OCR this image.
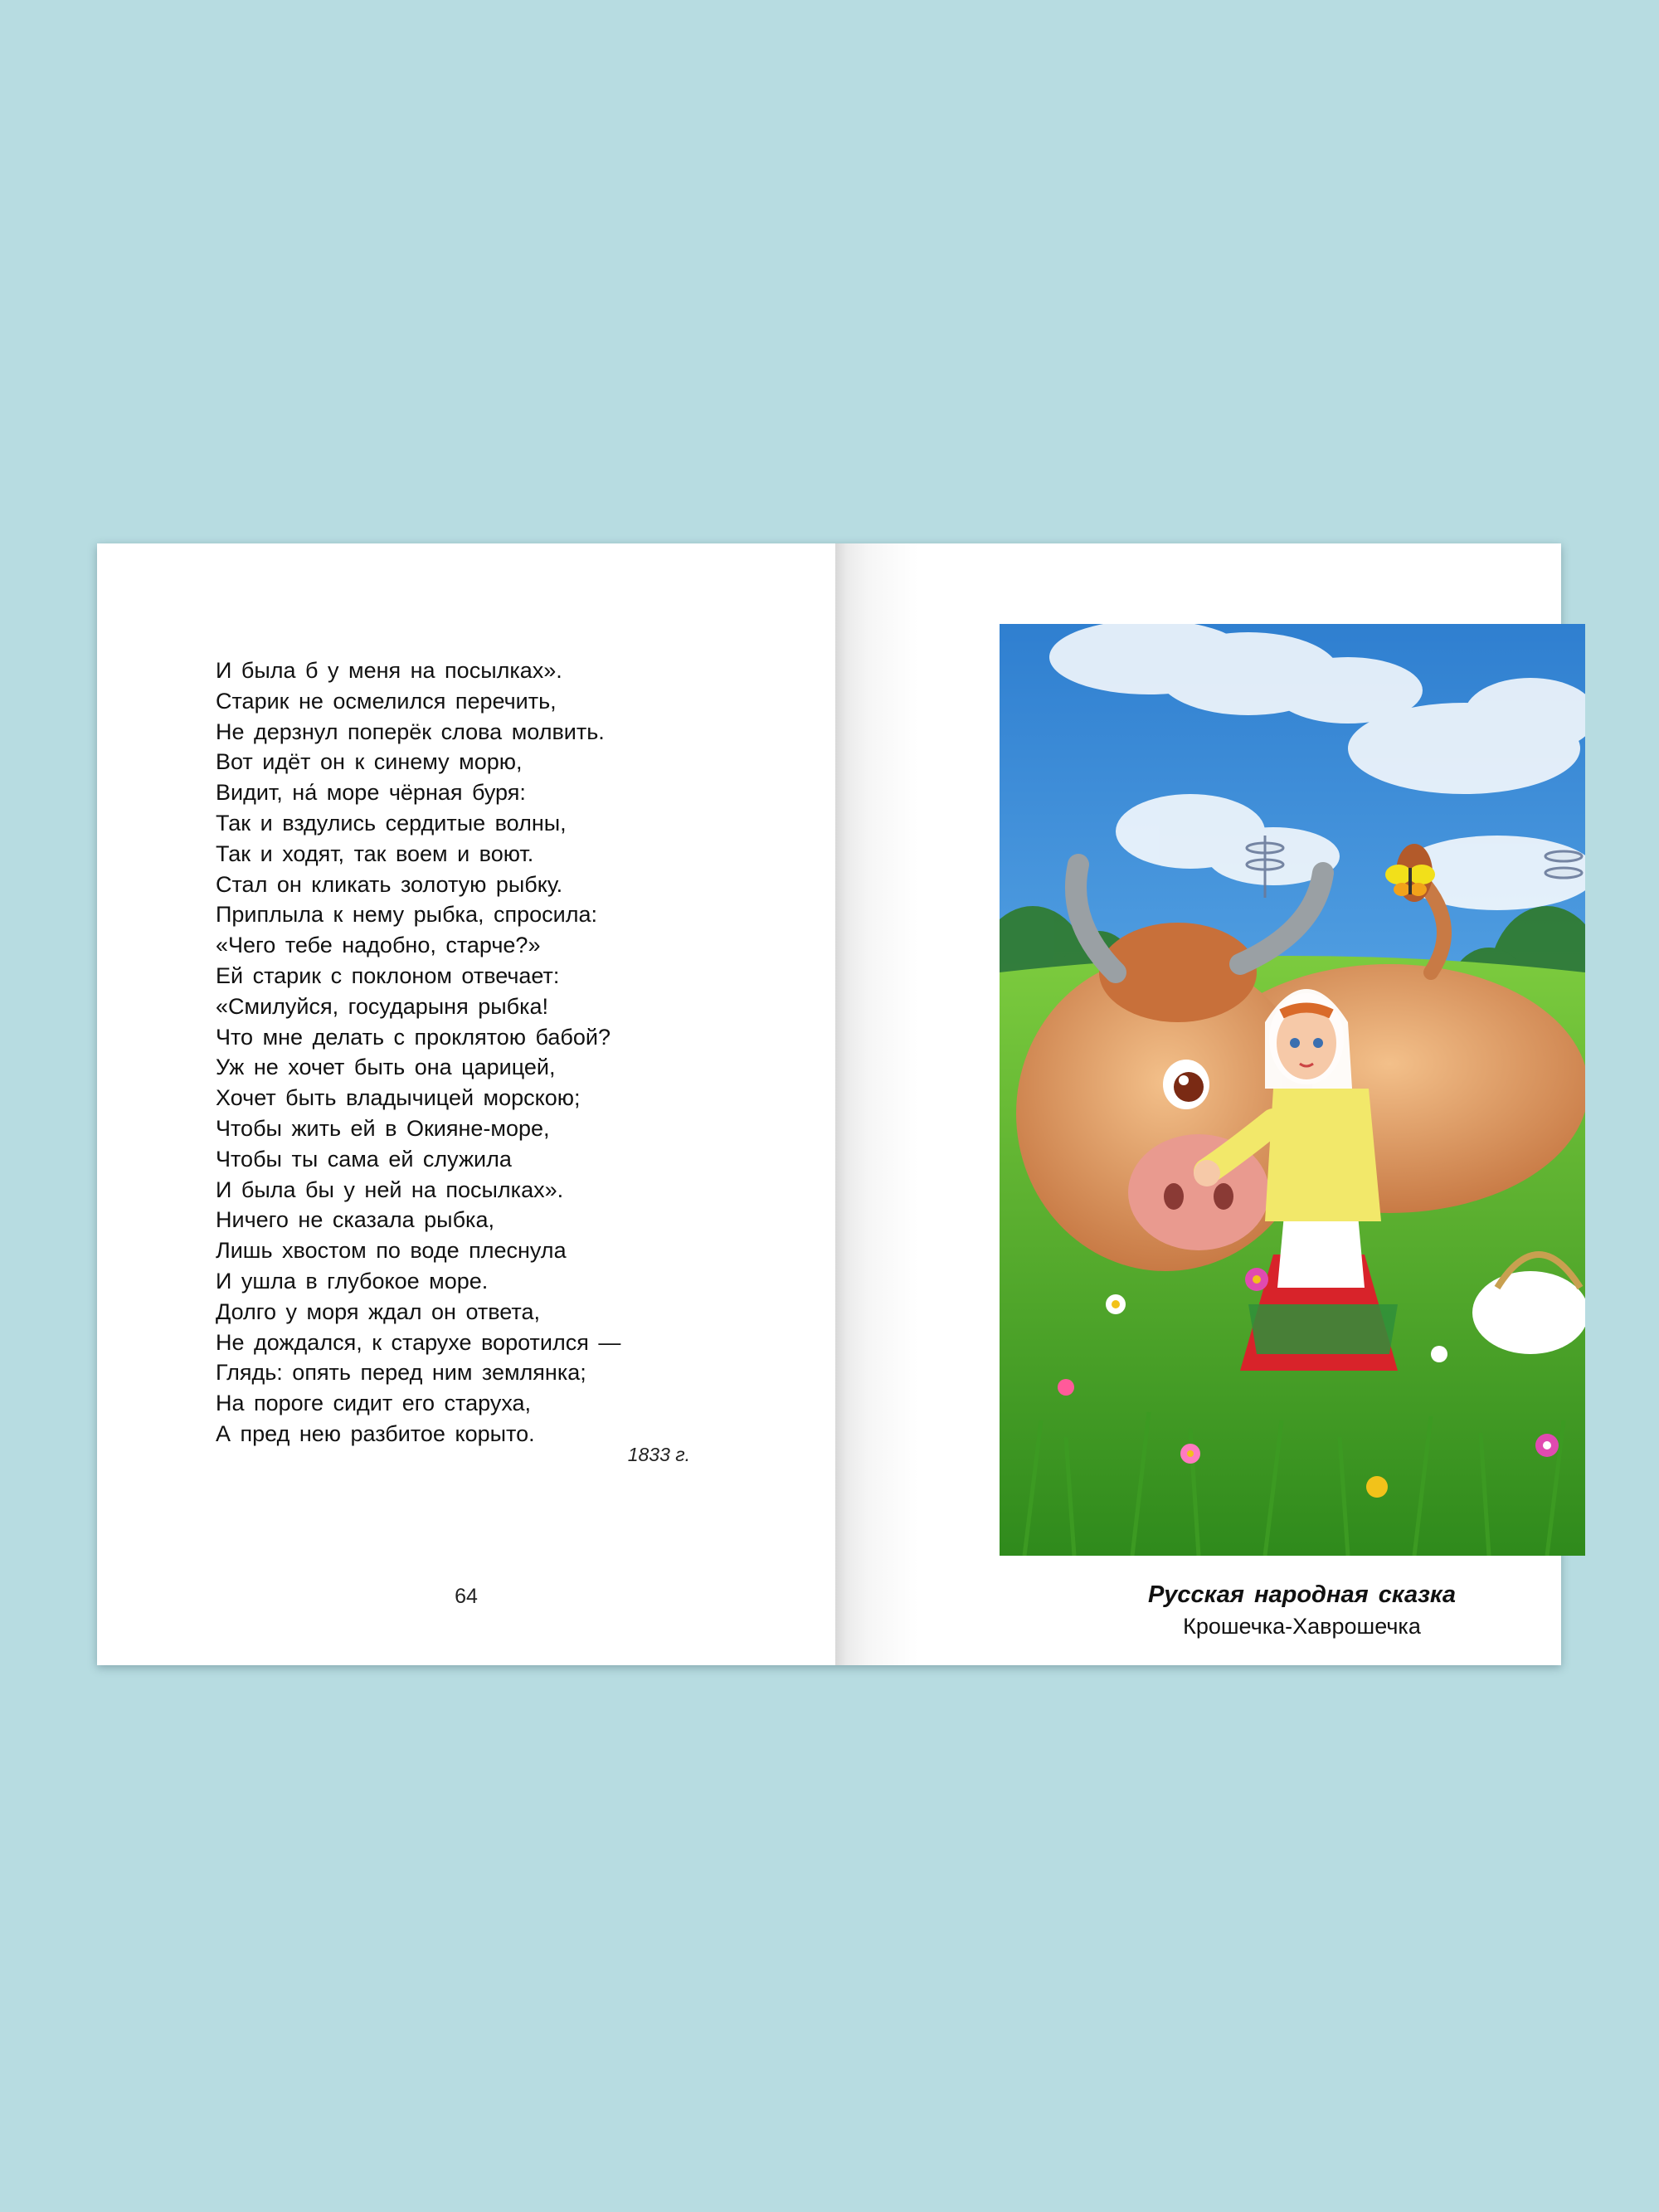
И была б у меня на посылках».
Старик не осмелился перечить,
Не дерзнул поперёк слова молвить.
Вот идёт он к синему морю,
Видит, на́ море чёрная буря:
Так и вздулись сердитые волны,
Так и ходят, так воем и воют.
Стал он кликать золотую рыбку.
Приплыла к нему рыбка, спросила:
«Чего тебе надобно, старче?»
Ей старик с поклоном отвечает:
«Смилуйся, государыня рыбка!
Что мне делать с проклятою бабой?
Уж не хочет быть она царицей,
Хочет быть владычицей морскою;
Чтобы жить ей в Окияне-море,
Чтобы ты сама ей служила
И была бы у ней на посылках».
Ничего не сказала рыбка,
Лишь хвостом по воде плеснула
И ушла в глубокое море.
Долго у моря ждал он ответа,
Не дождался, к старухе воротился —
Глядь: опять перед ним землянка;
На пороге сидит его старуха,
А пред нею разбитое корыто.
1833 г.
64	Русская народная сказка
Крошечка-Хаврошечка
